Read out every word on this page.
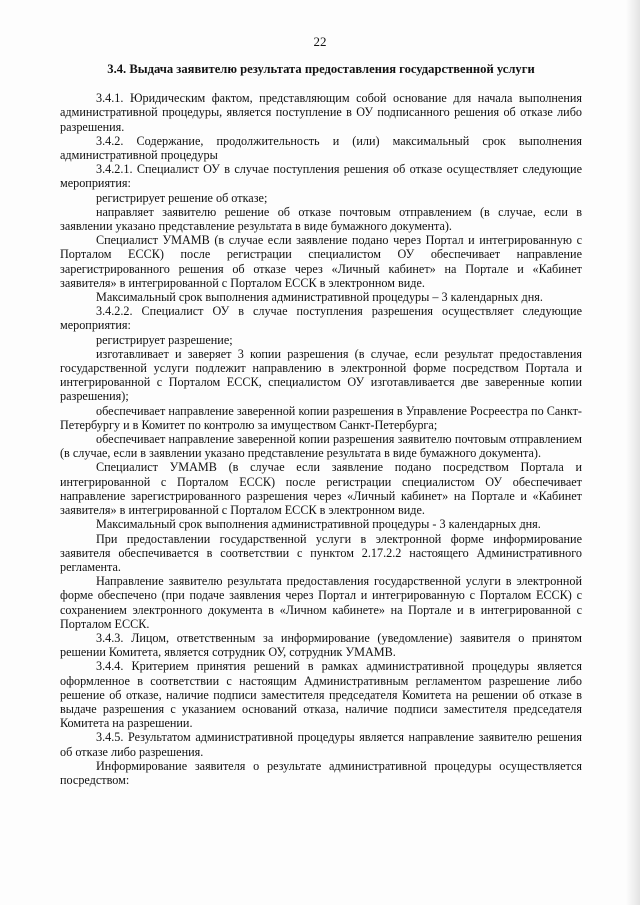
22
3.4. Выдача заявителю результата предоставления государственной услуги

3.4.1. Юридическим фактом, представляющим собой основание для начала выполнения административной процедуры, является поступление в ОУ подписанного решения об отказе либо разрешения.

3.4.2. Содержание, продолжительность и (или) максимальный срок выполнения административной процедуры

3.4.2.1. Специалист ОУ в случае поступления решения об отказе осуществляет следующие мероприятия:

регистрирует решение об отказе;

направляет заявителю решение об отказе почтовым отправлением (в случае, если в заявлении указано представление результата в виде бумажного документа).

Специалист УМАМВ (в случае если заявление подано через Портал и интегрированную с Порталом ЕССК) после регистрации специалистом ОУ обеспечивает направление зарегистрированного решения об отказе через «Личный кабинет» на Портале и «Кабинет заявителя» в интегрированной с Порталом ЕССК в электронном виде.

Максимальный срок выполнения административной процедуры – 3 календарных дня.

3.4.2.2. Специалист ОУ в случае поступления разрешения осуществляет следующие мероприятия:

регистрирует разрешение;

изготавливает и заверяет 3 копии разрешения (в случае, если результат предоставления государственной услуги подлежит направлению в электронной форме посредством Портала и интегрированной с Порталом ЕССК, специалистом ОУ изготавливается две заверенные копии разрешения);

обеспечивает направление заверенной копии разрешения в Управление Росреестра по Санкт-Петербургу и в Комитет по контролю за имуществом Санкт-Петербурга;

обеспечивает направление заверенной копии разрешения заявителю почтовым отправлением (в случае, если в заявлении указано представление результата в виде бумажного документа).

Специалист УМАМВ (в случае если заявление подано посредством Портала и интегрированной с Порталом ЕССК) после регистрации специалистом ОУ обеспечивает направление зарегистрированного разрешения через «Личный кабинет» на Портале и «Кабинет заявителя» в интегрированной с Порталом ЕССК в электронном виде.

Максимальный срок выполнения административной процедуры - 3 календарных дня.

При предоставлении государственной услуги в электронной форме информирование заявителя обеспечивается в соответствии с пунктом 2.17.2.2 настоящего Административного регламента.

Направление заявителю результата предоставления государственной услуги в электронной форме обеспечено (при подаче заявления через Портал и интегрированную с Порталом ЕССК) с сохранением электронного документа в «Личном кабинете» на Портале и в интегрированной с Порталом ЕССК.

3.4.3. Лицом, ответственным за информирование (уведомление) заявителя о принятом решении Комитета, является сотрудник ОУ, сотрудник УМАМВ.

3.4.4. Критерием принятия решений в рамках административной процедуры является оформленное в соответствии с настоящим Административным регламентом разрешение либо решение об отказе, наличие подписи заместителя председателя Комитета на решении об отказе в выдаче разрешения с указанием оснований отказа, наличие подписи заместителя председателя Комитета на разрешении.

3.4.5. Результатом административной процедуры является направление заявителю решения об отказе либо разрешения.

Информирование заявителя о результате административной процедуры осуществляется посредством:
